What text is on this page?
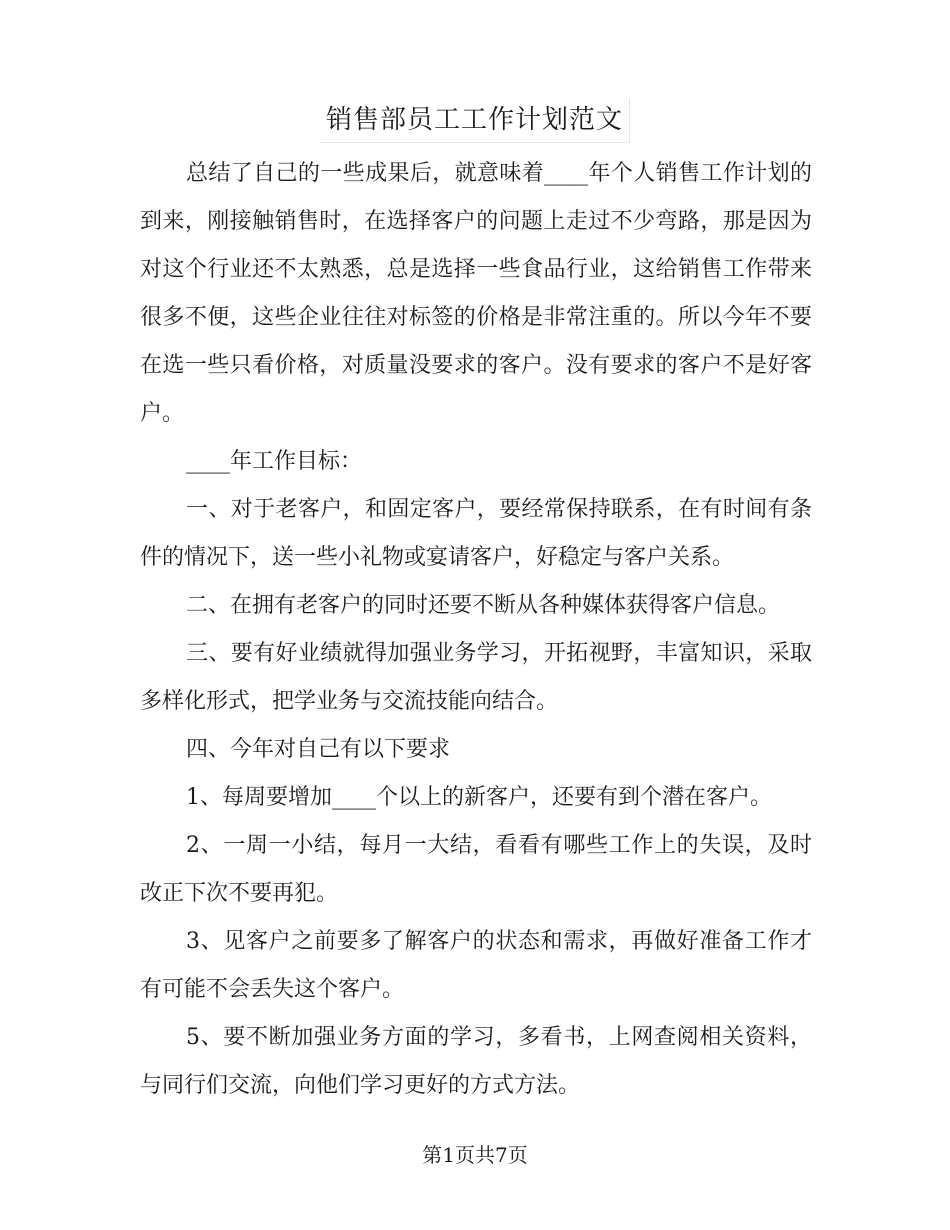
销售部员工工作计划范文

总结了自己的一些成果后，就意味着____年个人销售工作计划的到来，刚接触销售时，在选择客户的问题上走过不少弯路，那是因为对这个行业还不太熟悉，总是选择一些食品行业，这给销售工作带来很多不便，这些企业往往对标签的价格是非常注重的。所以今年不要在选一些只看价格，对质量没要求的客户。没有要求的客户不是好客户。

____年工作目标：

一、对于老客户，和固定客户，要经常保持联系，在有时间有条件的情况下，送一些小礼物或宴请客户，好稳定与客户关系。

二、在拥有老客户的同时还要不断从各种媒体获得客户信息。

三、要有好业绩就得加强业务学习，开拓视野，丰富知识，采取多样化形式，把学业务与交流技能向结合。

四、今年对自己有以下要求

1、每周要增加____个以上的新客户，还要有到个潜在客户。

2、一周一小结，每月一大结，看看有哪些工作上的失误，及时改正下次不要再犯。

3、见客户之前要多了解客户的状态和需求，再做好准备工作才有可能不会丢失这个客户。

5、要不断加强业务方面的学习，多看书，上网查阅相关资料，与同行们交流，向他们学习更好的方式方法。

第1页共7页
